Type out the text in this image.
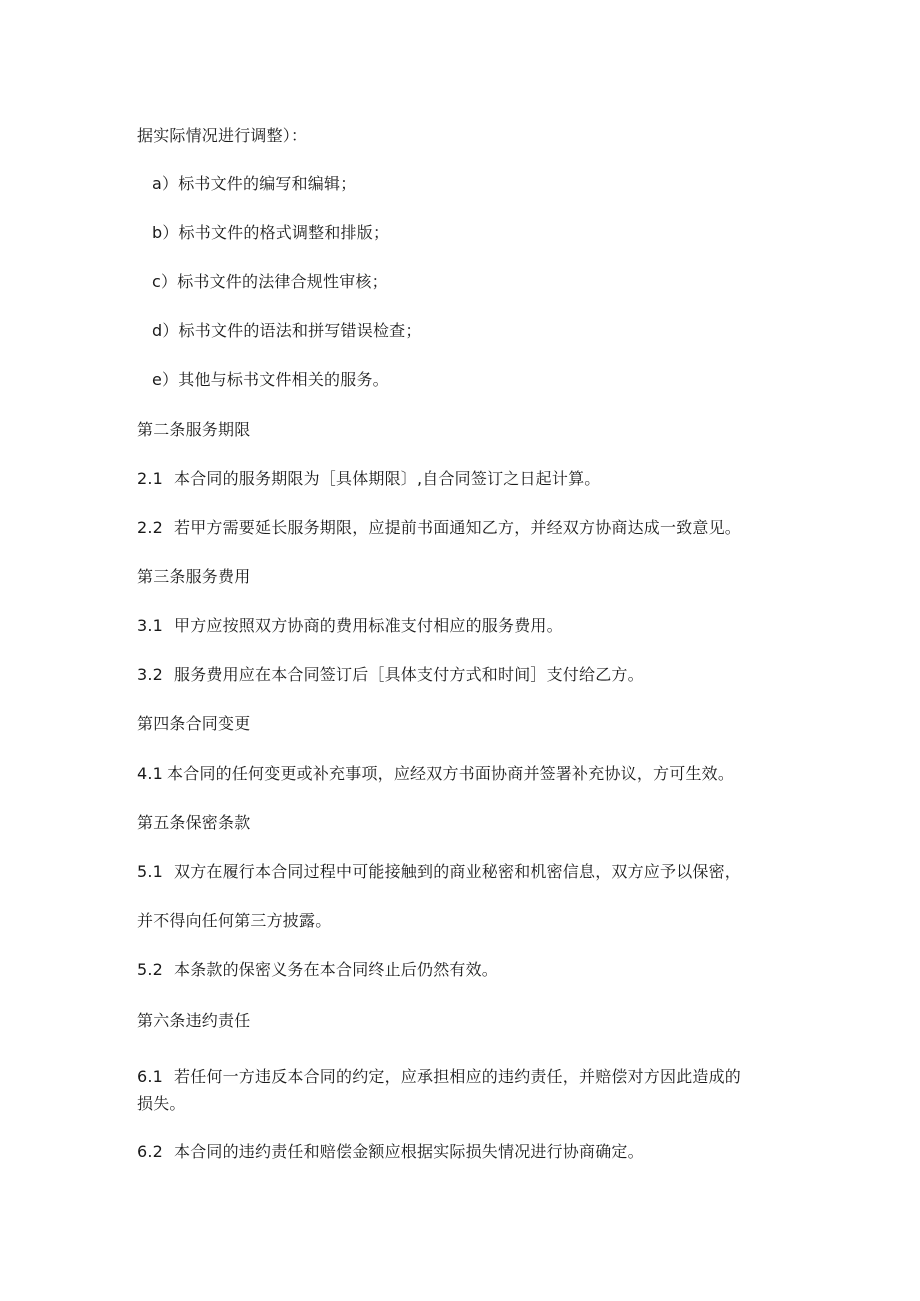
据实际情况进行调整）：
a）标书文件的编写和编辑；
b）标书文件的格式调整和排版；
c）标书文件的法律合规性审核；
d）标书文件的语法和拼写错误检查；
e）其他与标书文件相关的服务。
第二条服务期限
2.1 本合同的服务期限为［具体期限〕,自合同签订之日起计算。
2.2 若甲方需要延长服务期限，应提前书面通知乙方，并经双方协商达成一致意见。
第三条服务费用
3.1 甲方应按照双方协商的费用标准支付相应的服务费用。
3.2 服务费用应在本合同签订后［具体支付方式和时间］支付给乙方。
第四条合同变更
4.1 本合同的任何变更或补充事项，应经双方书面协商并签署补充协议，方可生效。
第五条保密条款
5.1 双方在履行本合同过程中可能接触到的商业秘密和机密信息，双方应予以保密，
并不得向任何第三方披露。
5.2 本条款的保密义务在本合同终止后仍然有效。
第六条违约责任
6.1 若任何一方违反本合同的约定，应承担相应的违约责任，并赔偿对方因此造成的
损失。
6.2 本合同的违约责任和赔偿金额应根据实际损失情况进行协商确定。
